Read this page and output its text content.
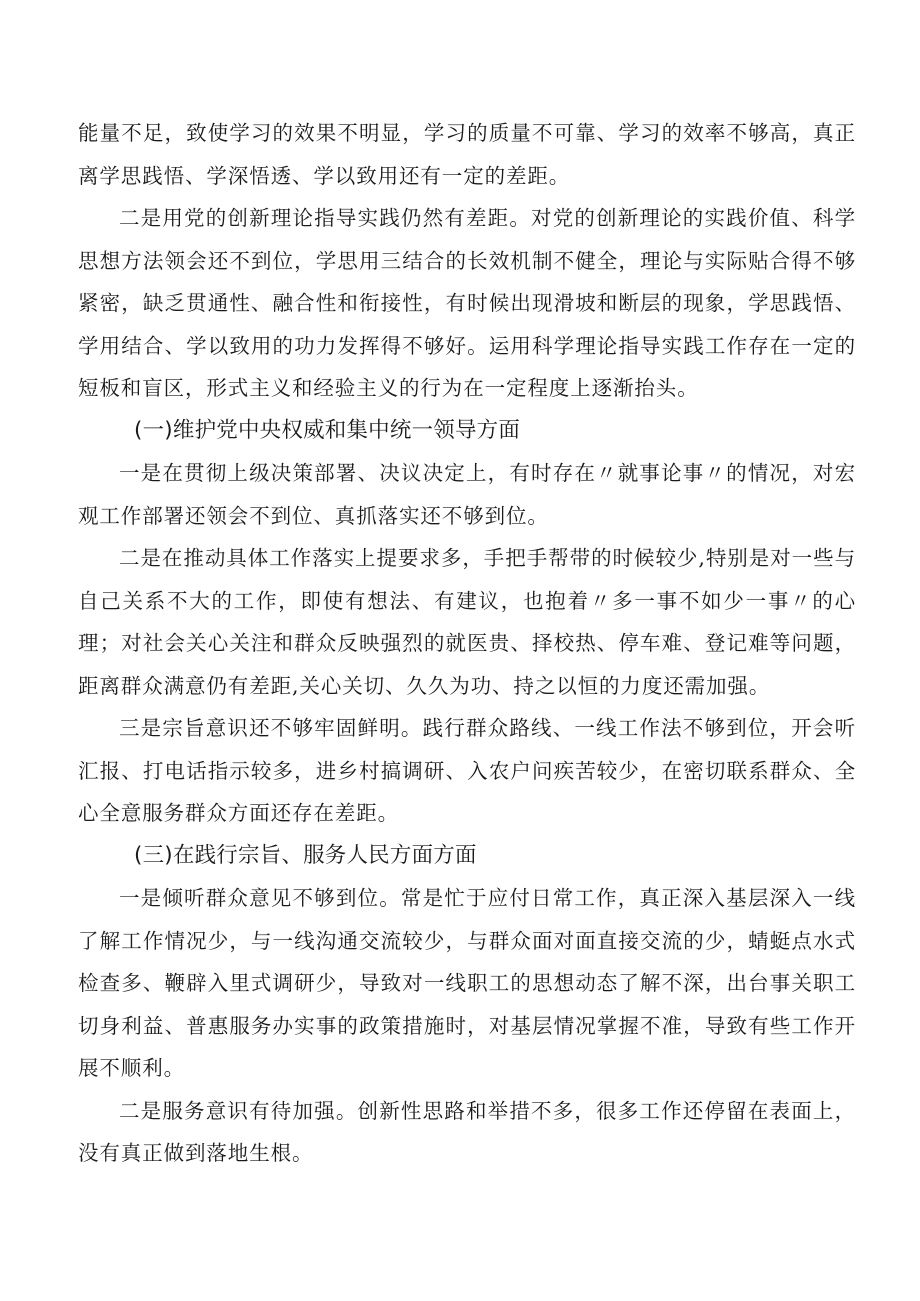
能量不足，致使学习的效果不明显，学习的质量不可靠、学习的效率不够高，真正离学思践悟、学深悟透、学以致用还有一定的差距。

二是用党的创新理论指导实践仍然有差距。对党的创新理论的实践价值、科学思想方法领会还不到位，学思用三结合的长效机制不健全，理论与实际贴合得不够紧密，缺乏贯通性、融合性和衔接性，有时候出现滑坡和断层的现象，学思践悟、学用结合、学以致用的功力发挥得不够好。运用科学理论指导实践工作存在一定的短板和盲区，形式主义和经验主义的行为在一定程度上逐渐抬头。

(一)维护党中央权威和集中统一领导方面

一是在贯彻上级决策部署、决议决定上，有时存在〃就事论事〃的情况，对宏观工作部署还领会不到位、真抓落实还不够到位。

二是在推动具体工作落实上提要求多，手把手帮带的时候较少,特别是对一些与自己关系不大的工作，即使有想法、有建议，也抱着〃多一事不如少一事〃的心理；对社会关心关注和群众反映强烈的就医贵、择校热、停车难、登记难等问题，距离群众满意仍有差距,关心关切、久久为功、持之以恒的力度还需加强。

三是宗旨意识还不够牢固鲜明。践行群众路线、一线工作法不够到位，开会听汇报、打电话指示较多，进乡村搞调研、入农户问疾苦较少，在密切联系群众、全心全意服务群众方面还存在差距。

(三)在践行宗旨、服务人民方面方面

一是倾听群众意见不够到位。常是忙于应付日常工作，真正深入基层深入一线了解工作情况少，与一线沟通交流较少，与群众面对面直接交流的少，蜻蜓点水式检查多、鞭辟入里式调研少，导致对一线职工的思想动态了解不深，出台事关职工切身利益、普惠服务办实事的政策措施时，对基层情况掌握不准，导致有些工作开展不顺利。

二是服务意识有待加强。创新性思路和举措不多，很多工作还停留在表面上，没有真正做到落地生根。
